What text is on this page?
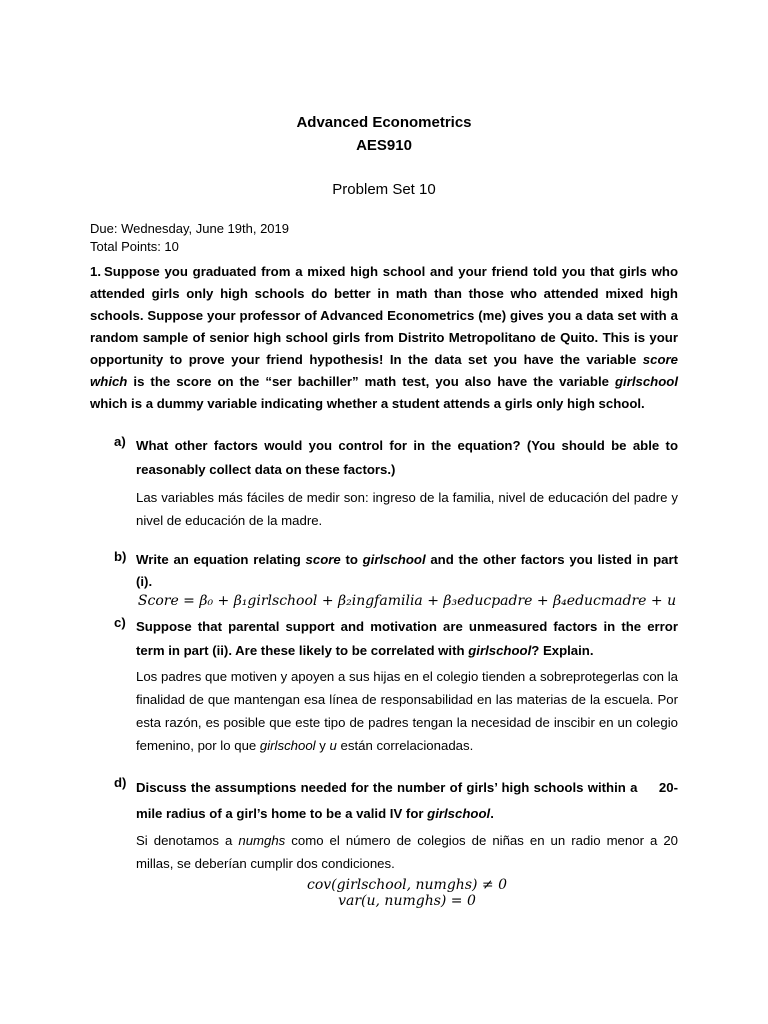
Advanced Econometrics
AES910
Problem Set 10
Due: Wednesday, June 19th, 2019
Total Points: 10
1. Suppose you graduated from a mixed high school and your friend told you that girls who attended girls only high schools do better in math than those who attended mixed high schools. Suppose your professor of Advanced Econometrics (me) gives you a data set with a random sample of senior high school girls from Distrito Metropolitano de Quito. This is your opportunity to prove your friend hypothesis! In the data set you have the variable score which is the score on the “ser bachiller” math test, you also have the variable girlschool which is a dummy variable indicating whether a student attends a girls only high school.
a) What other factors would you control for in the equation? (You should be able to reasonably collect data on these factors.)
Las variables más fáciles de medir son: ingreso de la familia, nivel de educación del padre y nivel de educación de la madre.
b) Write an equation relating score to girlschool and the other factors you listed in part (i).
Score = β₀ + β₁girlschool + β₂ingfamilia + β₃educpadre + β₄educmadre + u
c) Suppose that parental support and motivation are unmeasured factors in the error term in part (ii). Are these likely to be correlated with girlschool? Explain.
Los padres que motiven y apoyen a sus hijas en el colegio tienden a sobreprotegerlas con la finalidad de que mantengan esa línea de responsabilidad en las materias de la escuela. Por esta razón, es posible que este tipo de padres tengan la necesidad de inscibir en un colegio femenino, por lo que girlschool y u están correlacionadas.
d) Discuss the assumptions needed for the number of girls’ high schools within a     20-mile radius of a girl’s home to be a valid IV for girlschool.
Si denotamos a numghs como el número de colegios de niñas en un radio menor a 20 millas, se deberían cumplir dos condiciones.
cov(girlschool, numghs) ≠ 0
var(u, numghs) = 0
